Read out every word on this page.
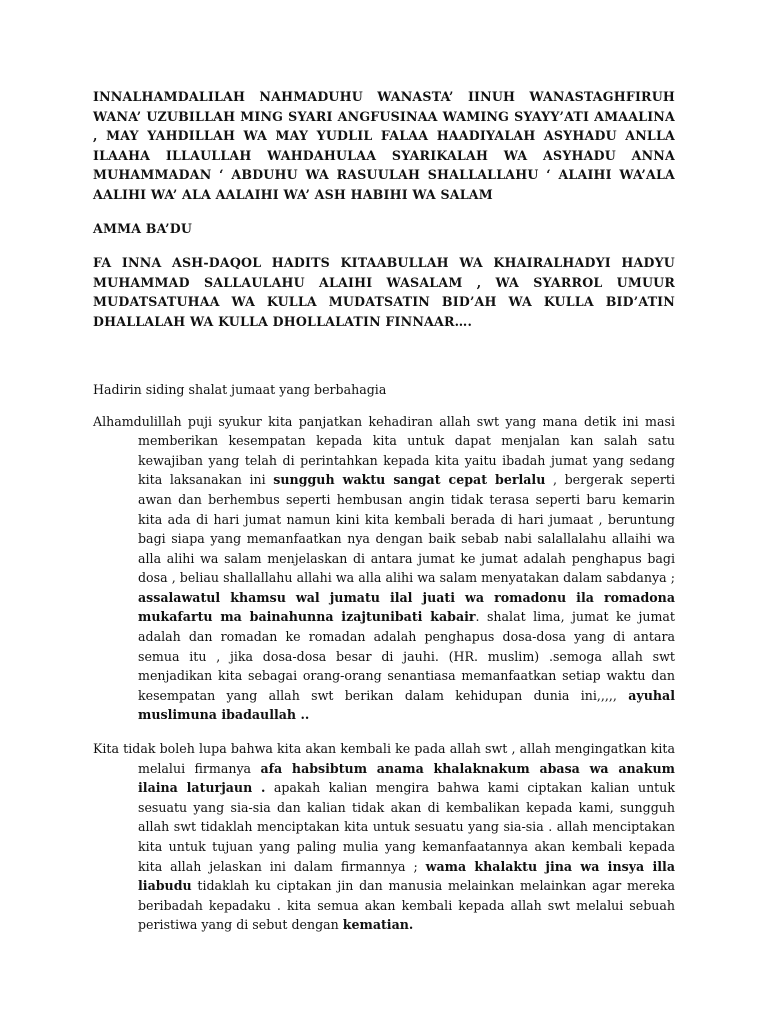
INNALHAMDALILAH NAHMADUHU WANASTA’ IINUH WANASTAGHFIRUH WANA’ UZUBILLAH MING SYARI ANGFUSINAA WAMING SYAYY’ATI AMAALINA , MAY YAHDILLAH WA MAY YUDLIL FALAA HAADIYALAH ASYHADU ANLLA ILAAHA ILLAULLAH WAHDAHULAA SYARIKALAH WA ASYHADU ANNA MUHAMMADAN ‘ ABDUHU WA RASUULAH SHALLALLAHU ‘ ALAIHI WA’ALA AALIHI WA’ ALA AALAIHI WA’ ASH HABIHI WA SALAM

AMMA BA’DU

FA INNA ASH-DAQOL HADITS KITAABULLAH WA KHAIRALHADYI HADYU MUHAMMAD SALLAULAHU ALAIHI WASALAM , WA SYARROL UMUUR MUDATSATUHAA WA KULLA MUDATSATIN BID’AH WA KULLA BID’ATIN DHALLALAH WA KULLA DHOLLALATIN FINNAAR….

Hadirin siding shalat jumaat yang berbahagia

Alhamdulillah puji syukur kita panjatkan kehadiran allah swt yang mana detik ini masi memberikan kesempatan kepada kita untuk dapat menjalan kan salah satu kewajiban yang telah di perintahkan kepada kita yaitu ibadah jumat yang sedang kita laksanakan ini sungguh waktu sangat cepat berlalu , bergerak seperti awan dan berhembus seperti hembusan angin tidak terasa seperti baru kemarin kita ada di hari jumat namun kini kita kembali berada di hari jumaat , beruntung bagi siapa yang memanfaatkan nya dengan baik sebab nabi salallalahu allaihi wa alla alihi wa salam menjelaskan di antara jumat ke jumat adalah penghapus bagi dosa , beliau shallallahu allahi wa alla alihi wa salam menyatakan dalam sabdanya ; assalawatul khamsu wal jumatu ilal juati wa romadonu ila romadona mukafartu ma bainahunna izajtunibati kabair. shalat lima, jumat ke jumat adalah dan romadan ke romadan adalah penghapus dosa-dosa yang di antara semua itu , jika dosa-dosa besar di jauhi. (HR. muslim) .semoga allah swt menjadikan kita sebagai orang-orang senantiasa memanfaatkan setiap waktu dan kesempatan yang allah swt berikan dalam kehidupan dunia ini,,,,, ayuhal muslimuna ibadaullah ..

Kita tidak boleh lupa bahwa kita akan kembali ke pada allah swt , allah mengingatkan kita melalui firmanya afa habsibtum anama khalaknakum abasa wa anakum ilaina laturjaun . apakah kalian mengira bahwa kami ciptakan kalian untuk sesuatu yang sia-sia dan kalian tidak akan di kembalikan kepada kami, sungguh allah swt tidaklah menciptakan kita untuk sesuatu yang sia-sia . allah menciptakan kita untuk tujuan yang paling mulia yang kemanfaatannya akan kembali kepada kita allah jelaskan ini dalam firmannya ; wama khalaktu jina wa insya illa liabudu tidaklah ku ciptakan jin dan manusia melainkan melainkan agar mereka beribadah kepadaku . kita semua akan kembali kepada allah swt melalui sebuah peristiwa yang di sebut dengan kematian.
